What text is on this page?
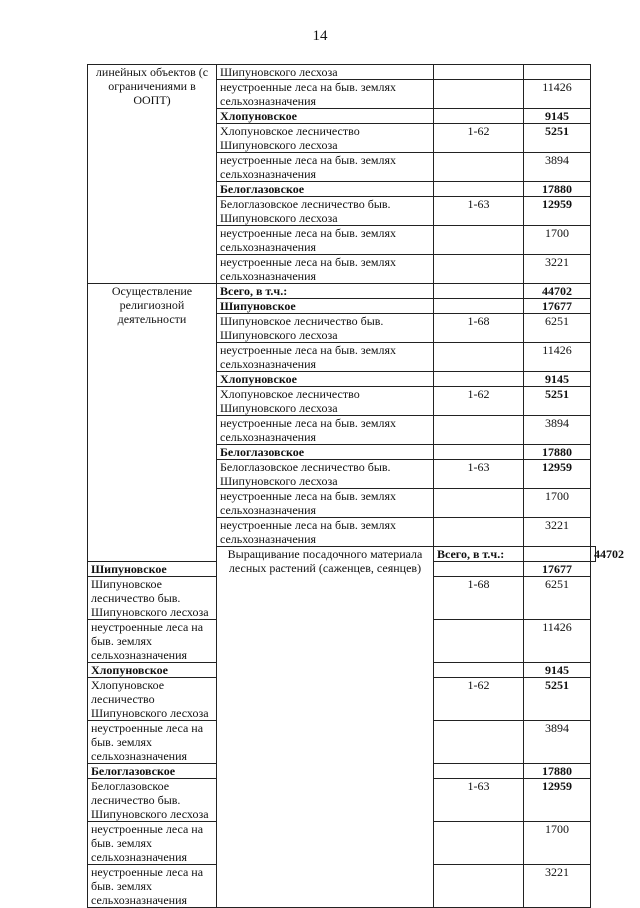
14
линейных объектов (с ограничениями в ООПТ)	Шипуновского лесхоза			
	неустроенные леса на быв. землях сельхозназначения		11426	
	Хлопуновское		9145	
	Хлопуновское лесничество Шипуновского лесхоза	1-62	5251	
	неустроенные леса на быв. землях сельхозназначения		3894	
	Белоглазовское		17880	
	Белоглазовское лесничество быв. Шипуновского лесхоза	1-63	12959	
	неустроенные леса на быв. землях сельхозназначения		1700	
	неустроенные леса на быв. землях сельхозназначения		3221	
Осуществление религиозной деятельности	Всего, в т.ч.:		44702	
	Шипуновское		17677	
	Шипуновское лесничество быв. Шипуновского лесхоза	1-68	6251	
	неустроенные леса на быв. землях сельхозназначения		11426	
	Хлопуновское		9145	
	Хлопуновское лесничество Шипуновского лесхоза	1-62	5251	
	неустроенные леса на быв. землях сельхозназначения		3894	
	Белоглазовское		17880	
	Белоглазовское лесничество быв. Шипуновского лесхоза	1-63	12959	
	неустроенные леса на быв. землях сельхозназначения		1700	
	неустроенные леса на быв. землях сельхозназначения		3221	
	Выращивание посадочного материала лесных растений (саженцев, сеянцев)	Всего, в т.ч.:		44702
Шипуновское			17677	
Шипуновское лесничество быв. Шипуновского лесхоза		1-68	6251	
неустроенные леса на быв. землях сельхозназначения			11426	
Хлопуновское			9145	
Хлопуновское лесничество Шипуновского лесхоза		1-62	5251	
неустроенные леса на быв. землях сельхозназначения			3894	
Белоглазовское			17880	
Белоглазовское лесничество быв. Шипуновского лесхоза		1-63	12959	
неустроенные леса на быв. землях сельхозназначения			1700	
неустроенные леса на быв. землях сельхозназначения			3221	
